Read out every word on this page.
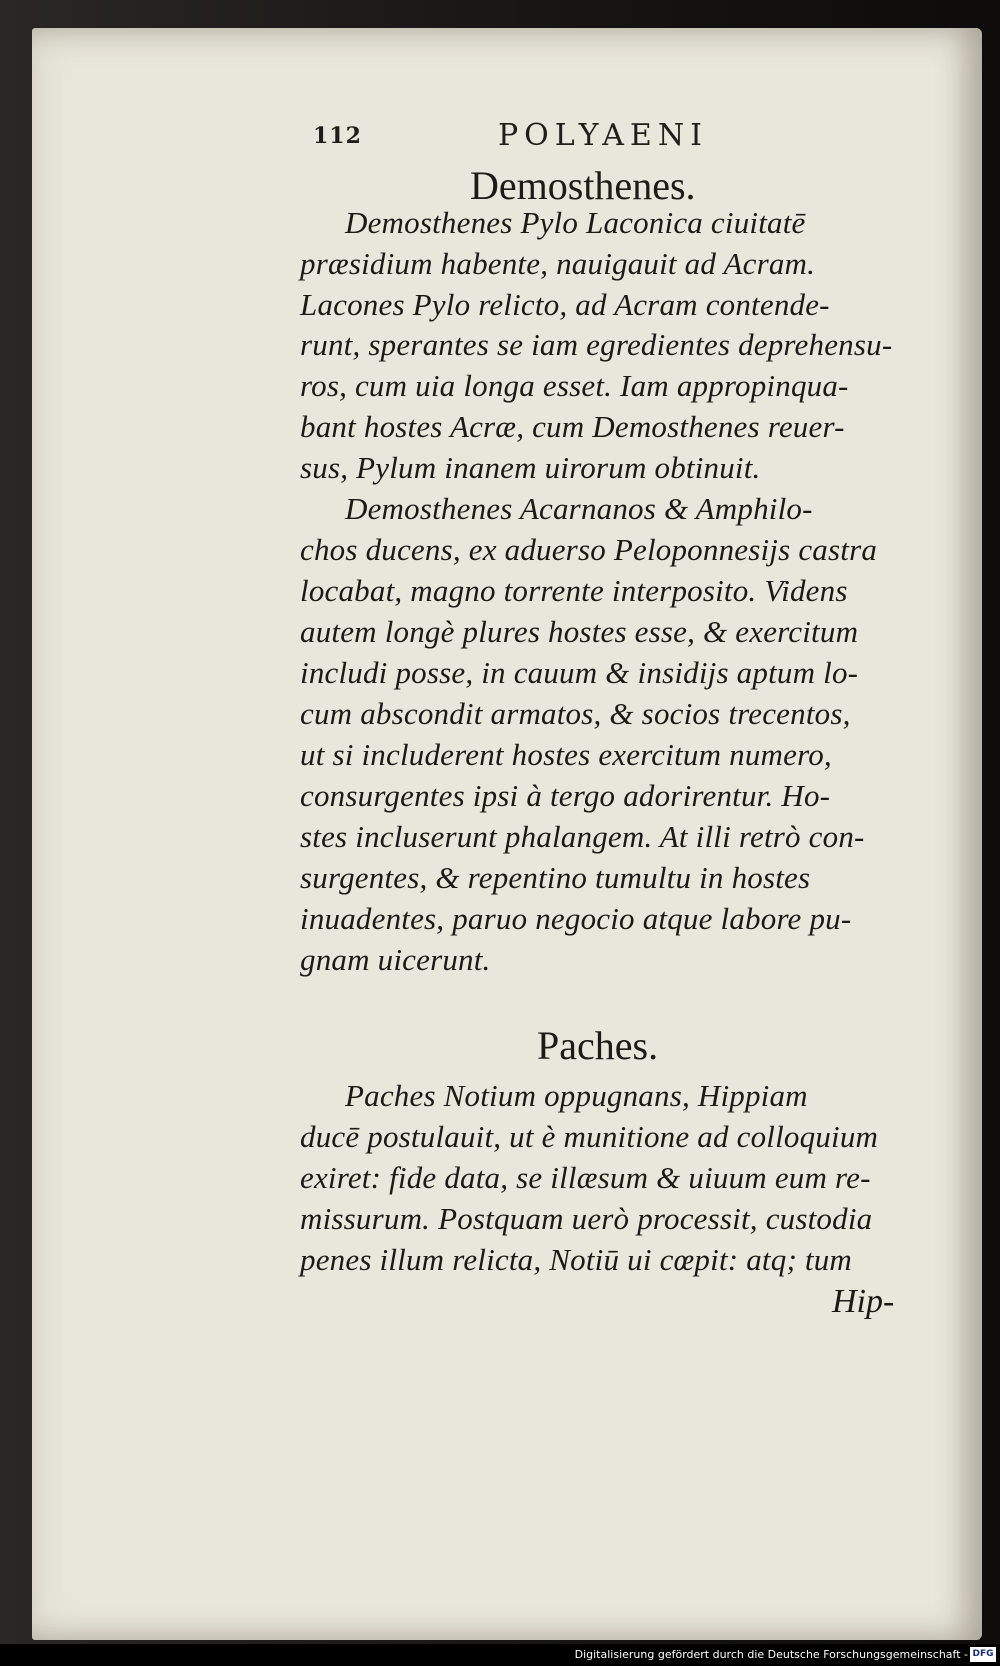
112	POLYAENI
Demosthenes.
Demosthenes Pylo Laconica ciuitatē
præsidium habente, nauigauit ad Acram.
Lacones Pylo relicto, ad Acram contende-
runt, sperantes se iam egredientes deprehensu-
ros, cum uia longa esset. Iam appropinqua-
bant hostes Acræ, cum Demosthenes reuer-
sus, Pylum inanem uirorum obtinuit.
Demosthenes Acarnanos & Amphilo-
chos ducens, ex aduerso Peloponnesijs castra
locabat, magno torrente interposito. Videns
autem longè plures hostes esse, & exercitum
includi posse, in cauum & insidijs aptum lo-
cum abscondit armatos, & socios trecentos,
ut si includerent hostes exercitum numero,
consurgentes ipsi à tergo adorirentur. Ho-
stes incluserunt phalangem. At illi retrò con-
surgentes, & repentino tumultu in hostes
inuadentes, paruo negocio atque labore pu-
gnam uicerunt.
Paches.
Paches Notium oppugnans, Hippiam
ducē postulauit, ut è munitione ad colloquium
exiret: fide data, se illæsum & uiuum eum re-
missurum. Postquam uerò processit, custodia
penes illum relicta, Notiū ui cœpit: atq; tum
Hip-
Digitalisierung gefördert durch die Deutsche Forschungsgemeinschaft - DFG
